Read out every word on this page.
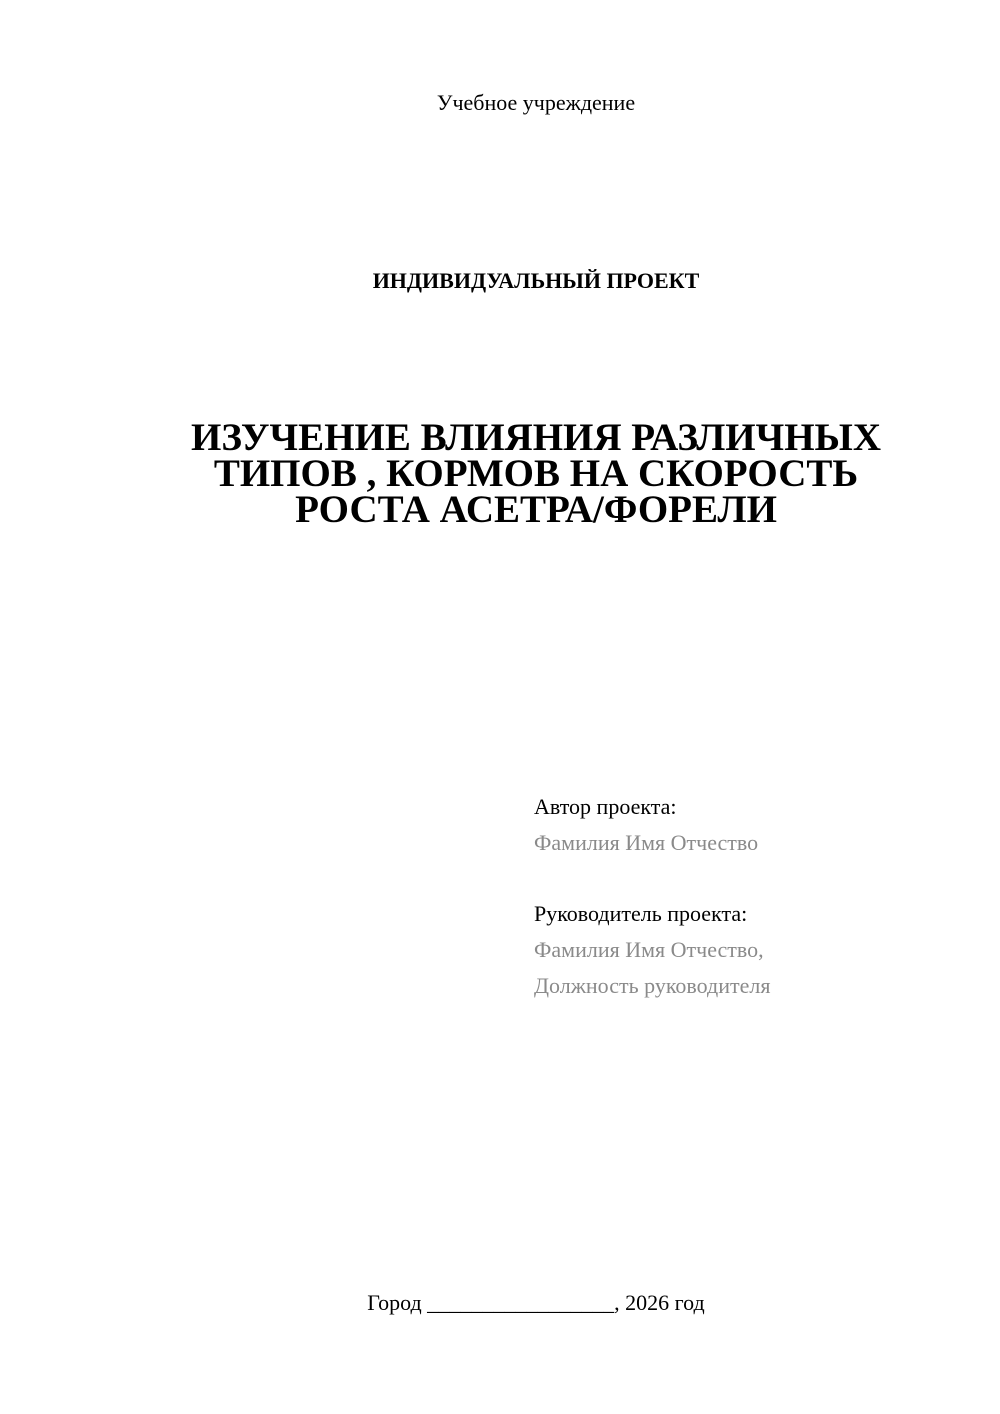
Учебное учреждение
ИНДИВИДУАЛЬНЫЙ ПРОЕКТ
ИЗУЧЕНИЕ ВЛИЯНИЯ РАЗЛИЧНЫХ
ТИПОВ , КОРМОВ НА СКОРОСТЬ
РОСТА АСЕТРА/ФОРЕЛИ
Автор проекта:
Фамилия Имя Отчество
Руководитель проекта:
Фамилия Имя Отчество,
Должность руководителя
Город _________________, 2026 год
